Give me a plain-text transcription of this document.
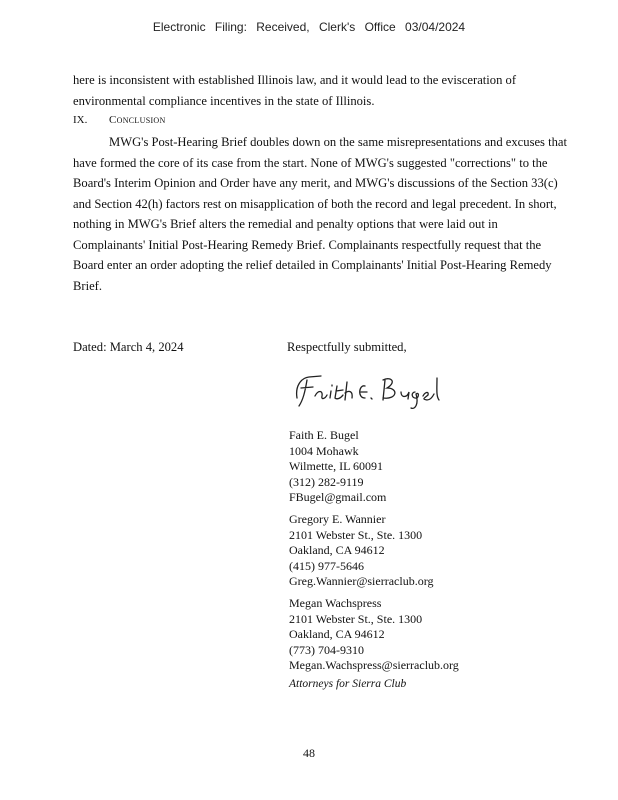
Electronic Filing: Received, Clerk's Office 03/04/2024
here is inconsistent with established Illinois law, and it would lead to the evisceration of environmental compliance incentives in the state of Illinois.
IX. Conclusion
MWG's Post-Hearing Brief doubles down on the same misrepresentations and excuses that have formed the core of its case from the start. None of MWG's suggested "corrections" to the Board's Interim Opinion and Order have any merit, and MWG's discussions of the Section 33(c) and Section 42(h) factors rest on misapplication of both the record and legal precedent. In short, nothing in MWG's Brief alters the remedial and penalty options that were laid out in Complainants' Initial Post-Hearing Remedy Brief. Complainants respectfully request that the Board enter an order adopting the relief detailed in Complainants' Initial Post-Hearing Remedy Brief.
Dated: March 4, 2024	Respectfully submitted,
Faith E. Bugel
1004 Mohawk
Wilmette, IL 60091
(312) 282-9119
FBugel@gmail.com
Gregory E. Wannier
2101 Webster St., Ste. 1300
Oakland, CA 94612
(415) 977-5646
Greg.Wannier@sierraclub.org
Megan Wachspress
2101 Webster St., Ste. 1300
Oakland, CA 94612
(773) 704-9310
Megan.Wachspress@sierraclub.org
Attorneys for Sierra Club
48
